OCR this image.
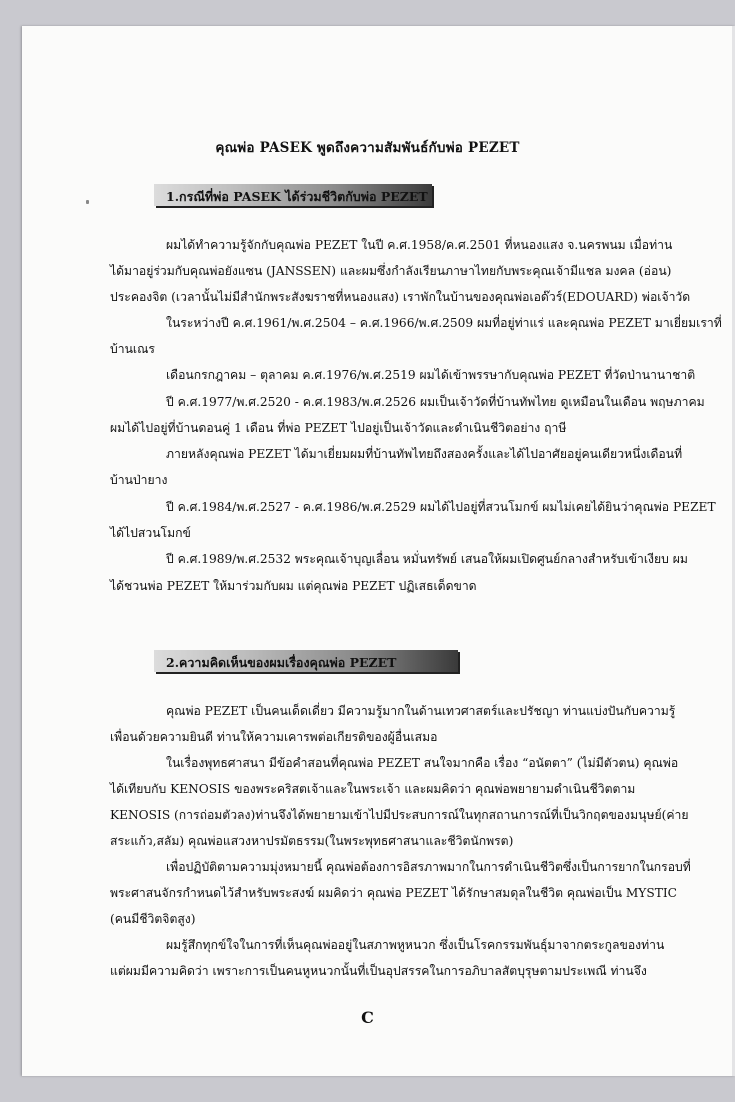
คุณพ่อ PASEK พูดถึงความสัมพันธ์กับพ่อ PEZET
1.กรณีที่พ่อ PASEK ได้ร่วมชีวิตกับพ่อ PEZET
ผมได้ทำความรู้จักกับคุณพ่อ PEZET ในปี ค.ศ.1958/ค.ศ.2501 ที่หนองแสง จ.นครพนม เมื่อท่าน
ได้มาอยู่ร่วมกับคุณพ่อยังแซน (JANSSEN) และผมซึ่งกำลังเรียนภาษาไทยกับพระคุณเจ้ามีแชล มงคล (อ่อน)
ประคองจิต (เวลานั้นไม่มีสำนักพระสังฆราชที่หนองแสง) เราพักในบ้านของคุณพ่อเอด๊วร์(EDOUARD) พ่อเจ้าวัด
ในระหว่างปี ค.ศ.1961/พ.ศ.2504 – ค.ศ.1966/พ.ศ.2509 ผมที่อยู่ท่าแร่ และคุณพ่อ PEZET มาเยี่ยมเราที่
บ้านเณร
เดือนกรกฎาคม – ตุลาคม ค.ศ.1976/พ.ศ.2519 ผมได้เข้าพรรษากับคุณพ่อ PEZET ที่วัดป่านานาชาติ
ปี ค.ศ.1977/พ.ศ.2520 - ค.ศ.1983/พ.ศ.2526 ผมเป็นเจ้าวัดที่บ้านทัพไทย ดูเหมือนในเดือน พฤษภาคม
ผมได้ไปอยู่ที่บ้านดอนคู่ 1 เดือน ที่พ่อ PEZET ไปอยู่เป็นเจ้าวัดและดำเนินชีวิตอย่าง ฤาษี
ภายหลังคุณพ่อ PEZET ได้มาเยี่ยมผมที่บ้านทัพไทยถึงสองครั้งและได้ไปอาศัยอยู่คนเดียวหนึ่งเดือนที่
บ้านป่ายาง
ปี ค.ศ.1984/พ.ศ.2527 - ค.ศ.1986/พ.ศ.2529 ผมได้ไปอยู่ที่สวนโมกข์ ผมไม่เคยได้ยินว่าคุณพ่อ PEZET
ได้ไปสวนโมกข์
ปี ค.ศ.1989/พ.ศ.2532 พระคุณเจ้าบุญเลื่อน หมั่นทรัพย์ เสนอให้ผมเปิดศูนย์กลางสำหรับเข้าเงียบ ผม
ได้ชวนพ่อ PEZET ให้มาร่วมกับผม แต่คุณพ่อ PEZET ปฏิเสธเด็ดขาด
2.ความคิดเห็นของผมเรื่องคุณพ่อ PEZET
คุณพ่อ PEZET เป็นคนเด็ดเดี่ยว มีความรู้มากในด้านเทวศาสตร์และปรัชญา ท่านแบ่งปันกับความรู้
เพื่อนด้วยความยินดี ท่านให้ความเคารพต่อเกียรติของผู้อื่นเสมอ
ในเรื่องพุทธศาสนา มีข้อคำสอนที่คุณพ่อ PEZET สนใจมากคือ เรื่อง “อนัตตา” (ไม่มีตัวตน) คุณพ่อ
ได้เทียบกับ KENOSIS ของพระคริสตเจ้าและในพระเจ้า และผมคิดว่า คุณพ่อพยายามดำเนินชีวิตตาม
KENOSIS (การถ่อมตัวลง)ท่านจึงได้พยายามเข้าไปมีประสบการณ์ในทุกสถานการณ์ที่เป็นวิกฤตของมนุษย์(ค่าย
สระแก้ว,สลัม) คุณพ่อแสวงหาปรมัตธรรม(ในพระพุทธศาสนาและชีวิตนักพรต)
เพื่อปฏิบัติตามความมุ่งหมายนี้ คุณพ่อต้องการอิสรภาพมากในการดำเนินชีวิตซึ่งเป็นการยากในกรอบที่
พระศาสนจักรกำหนดไว้สำหรับพระสงฆ์ ผมคิดว่า คุณพ่อ PEZET ได้รักษาสมดุลในชีวิต คุณพ่อเป็น MYSTIC
(คนมีชีวิตจิตสูง)
ผมรู้สึกทุกข์ใจในการที่เห็นคุณพ่ออยู่ในสภาพหูหนวก ซึ่งเป็นโรคกรรมพันธุ์มาจากตระกูลของท่าน
แต่ผมมีความคิดว่า เพราะการเป็นคนหูหนวกนั้นที่เป็นอุปสรรคในการอภิบาลสัตบุรุษตามประเพณี ท่านจึง
C
